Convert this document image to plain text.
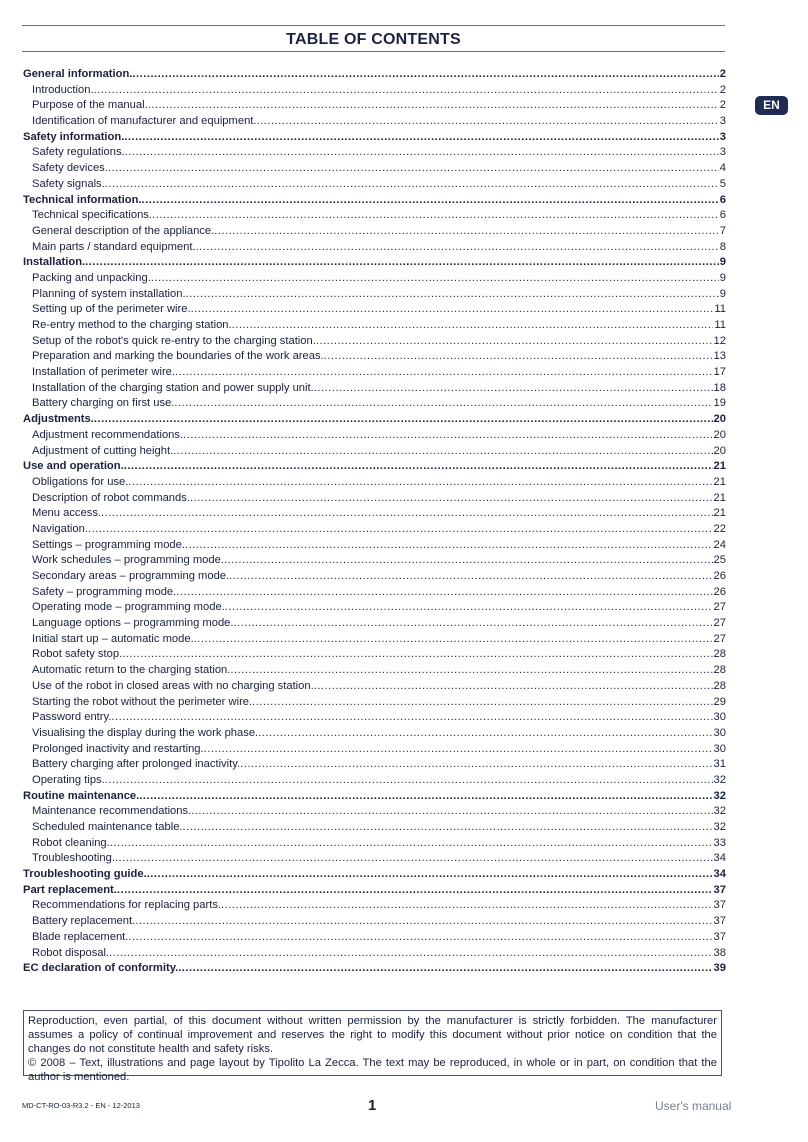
TABLE OF CONTENTS
EN
General information. .....	2
Introduction. .....	2
Purpose of the manual. .....	2
Identification of manufacturer and equipment. .....	3
Safety information. .....	3
Safety regulations. .....	3
Safety devices. .....	4
Safety signals. .....	5
Technical information. .....	6
Technical specifications. .....	6
General description of the appliance. .....	7
Main parts / standard equipment. .....	8
Installation. .....	9
Packing and unpacking. .....	9
Planning of system installation. .....	9
Setting up of the perimeter wire. .....	11
Re-entry method to the charging station. .....	11
Setup of the robot's quick re-entry to the charging station. .....	12
Preparation and marking the boundaries of the work areas. .....	13
Installation of perimeter wire. .....	17
Installation of the charging station and power supply unit. .....	18
Battery charging on first use. .....	19
Adjustments. .....	20
Adjustment recommendations. .....	20
Adjustment of cutting height. .....	20
Use and operation. .....	21
Obligations for use. .....	21
Description of robot commands. .....	21
Menu access. .....	21
Navigation. .....	22
Settings – programming mode. .....	24
Work schedules – programming mode. .....	25
Secondary areas – programming mode. .....	26
Safety – programming mode. .....	26
Operating mode – programming mode. .....	27
Language options – programming mode. .....	27
Initial start up – automatic mode. .....	27
Robot safety stop. .....	28
Automatic return to the charging station. .....	28
Use of the robot in closed areas with no charging station. .....	28
Starting the robot without the perimeter wire. .....	29
Password entry. .....	30
Visualising the display during the work phase. .....	30
Prolonged inactivity and restarting. .....	30
Battery charging after prolonged inactivity. .....	31
Operating tips. .....	32
Routine maintenance. .....	32
Maintenance recommendations. .....	32
Scheduled maintenance table. .....	32
Robot cleaning. .....	33
Troubleshooting. .....	34
Troubleshooting guide. .....	34
Part replacement. .....	37
Recommendations for replacing parts. .....	37
Battery replacement. .....	37
Blade replacement. .....	37
Robot disposal. .....	38
EC declaration of conformity. .....	39

Reproduction, even partial, of this document without written permission by the manufacturer is strictly forbidden. The manufacturer assumes a policy of continual improvement and reserves the right to modify this document without prior notice on condition that the changes do not constitute health and safety risks.

© 2008 – Text, illustrations and page layout by Tipolito La Zecca. The text may be reproduced, in whole or in part, on condition that the author is mentioned.

MD-CT-RO-03-R3.2 - EN - 12-2013	1	User's manual
